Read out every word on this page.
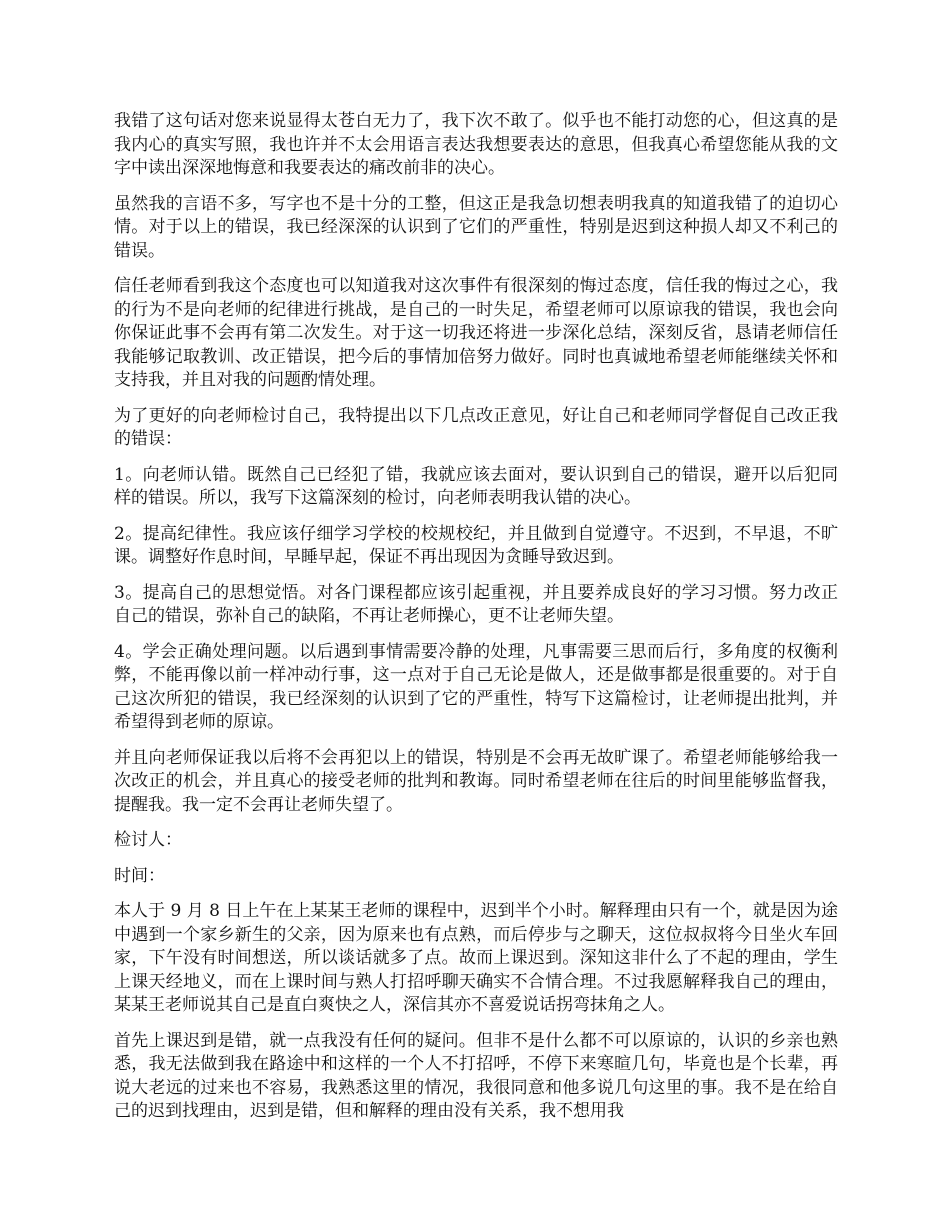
我错了这句话对您来说显得太苍白无力了，我下次不敢了。似乎也不能打动您的心，但这真的是我内心的真实写照，我也许并不太会用语言表达我想要表达的意思，但我真心希望您能从我的文字中读出深深地悔意和我要表达的痛改前非的决心。

虽然我的言语不多，写字也不是十分的工整，但这正是我急切想表明我真的知道我错了的迫切心情。对于以上的错误，我已经深深的认识到了它们的严重性，特别是迟到这种损人却又不利己的错误。

信任老师看到我这个态度也可以知道我对这次事件有很深刻的悔过态度，信任我的悔过之心，我的行为不是向老师的纪律进行挑战，是自己的一时失足，希望老师可以原谅我的错误，我也会向你保证此事不会再有第二次发生。对于这一切我还将进一步深化总结，深刻反省，恳请老师信任我能够记取教训、改正错误，把今后的事情加倍努力做好。同时也真诚地希望老师能继续关怀和支持我，并且对我的问题酌情处理。

为了更好的向老师检讨自己，我特提出以下几点改正意见，好让自己和老师同学督促自己改正我的错误：

1。向老师认错。既然自己已经犯了错，我就应该去面对，要认识到自己的错误，避开以后犯同样的错误。所以，我写下这篇深刻的检讨，向老师表明我认错的决心。

2。提高纪律性。我应该仔细学习学校的校规校纪，并且做到自觉遵守。不迟到，不早退，不旷课。调整好作息时间，早睡早起，保证不再出现因为贪睡导致迟到。

3。提高自己的思想觉悟。对各门课程都应该引起重视，并且要养成良好的学习习惯。努力改正自己的错误，弥补自己的缺陷，不再让老师操心，更不让老师失望。

4。学会正确处理问题。以后遇到事情需要冷静的处理，凡事需要三思而后行，多角度的权衡利弊，不能再像以前一样冲动行事，这一点对于自己无论是做人，还是做事都是很重要的。对于自己这次所犯的错误，我已经深刻的认识到了它的严重性，特写下这篇检讨，让老师提出批判，并希望得到老师的原谅。

并且向老师保证我以后将不会再犯以上的错误，特别是不会再无故旷课了。希望老师能够给我一次改正的机会，并且真心的接受老师的批判和教诲。同时希望老师在往后的时间里能够监督我，提醒我。我一定不会再让老师失望了。

检讨人：

时间：

本人于 9 月 8 日上午在上某某王老师的课程中，迟到半个小时。解释理由只有一个，就是因为途中遇到一个家乡新生的父亲，因为原来也有点熟，而后停步与之聊天，这位叔叔将今日坐火车回家，下午没有时间想送，所以谈话就多了点。故而上课迟到。深知这非什么了不起的理由，学生上课天经地义，而在上课时间与熟人打招呼聊天确实不合情合理。不过我愿解释我自己的理由，某某王老师说其自己是直白爽快之人，深信其亦不喜爱说话拐弯抹角之人。

首先上课迟到是错，就一点我没有任何的疑问。但非不是什么都不可以原谅的，认识的乡亲也熟悉，我无法做到我在路途中和这样的一个人不打招呼，不停下来寒暄几句，毕竟也是个长辈，再说大老远的过来也不容易，我熟悉这里的情况，我很同意和他多说几句这里的事。我不是在给自己的迟到找理由，迟到是错，但和解释的理由没有关系，我不想用我
